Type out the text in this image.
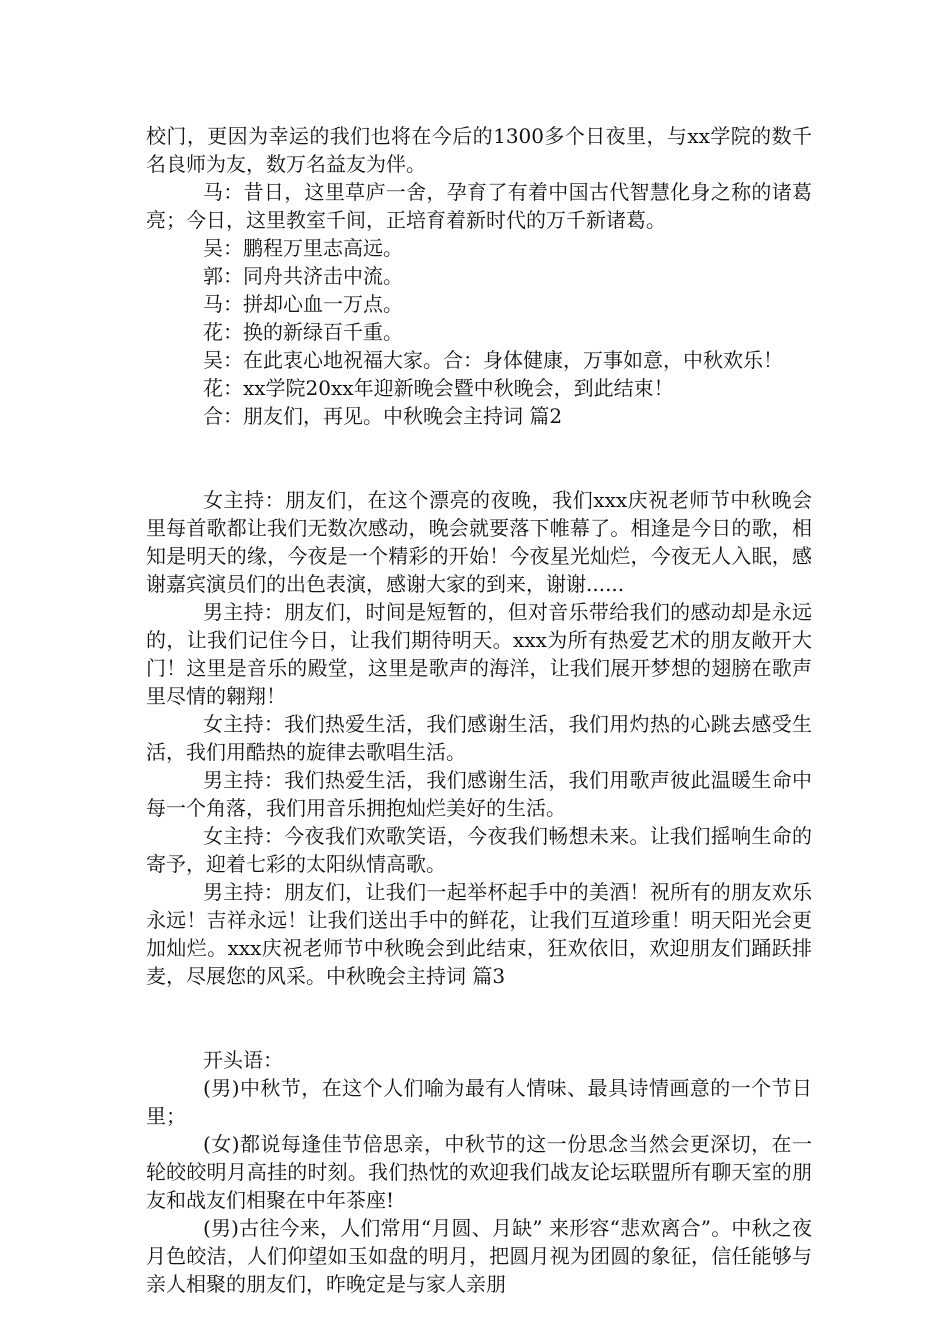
校门，更因为幸运的我们也将在今后的1300多个日夜里，与xx学院的数千名良师为友，数万名益友为伴。

马：昔日，这里草庐一舍，孕育了有着中国古代智慧化身之称的诸葛亮；今日，这里教室千间，正培育着新时代的万千新诸葛。

吴：鹏程万里志高远。

郭：同舟共济击中流。

马：拼却心血一万点。

花：换的新绿百千重。

吴：在此衷心地祝福大家。合：身体健康，万事如意，中秋欢乐！

花：xx学院20xx年迎新晚会暨中秋晚会，到此结束！

合：朋友们，再见。中秋晚会主持词 篇2

女主持：朋友们，在这个漂亮的夜晚，我们xxx庆祝老师节中秋晚会里每首歌都让我们无数次感动，晚会就要落下帷幕了。相逢是今日的歌，相知是明天的缘，今夜是一个精彩的开始！今夜星光灿烂，今夜无人入眠，感谢嘉宾演员们的出色表演，感谢大家的到来，谢谢......

男主持：朋友们，时间是短暂的，但对音乐带给我们的感动却是永远的，让我们记住今日，让我们期待明天。xxx为所有热爱艺术的朋友敞开大门！这里是音乐的殿堂，这里是歌声的海洋，让我们展开梦想的翅膀在歌声里尽情的翱翔！

女主持：我们热爱生活，我们感谢生活，我们用灼热的心跳去感受生活，我们用酷热的旋律去歌唱生活。

男主持：我们热爱生活，我们感谢生活，我们用歌声彼此温暖生命中每一个角落，我们用音乐拥抱灿烂美好的生活。

女主持：今夜我们欢歌笑语，今夜我们畅想未来。让我们摇响生命的寄予，迎着七彩的太阳纵情高歌。

男主持：朋友们，让我们一起举杯起手中的美酒！祝所有的朋友欢乐永远！吉祥永远！让我们送出手中的鲜花，让我们互道珍重！明天阳光会更加灿烂。xxx庆祝老师节中秋晚会到此结束，狂欢依旧，欢迎朋友们踊跃排麦，尽展您的风采。中秋晚会主持词 篇3

开头语：

(男)中秋节，在这个人们喻为最有人情味、最具诗情画意的一个节日里；

(女)都说每逢佳节倍思亲，中秋节的这一份思念当然会更深切，在一轮皎皎明月高挂的时刻。我们热忱的欢迎我们战友论坛联盟所有聊天室的朋友和战友们相聚在中年茶座!

(男)古往今来，人们常用“月圆、月缺” 来形容“悲欢离合”。中秋之夜月色皎洁，人们仰望如玉如盘的明月，把圆月视为团圆的象征，信任能够与亲人相聚的朋友们，昨晚定是与家人亲朋
